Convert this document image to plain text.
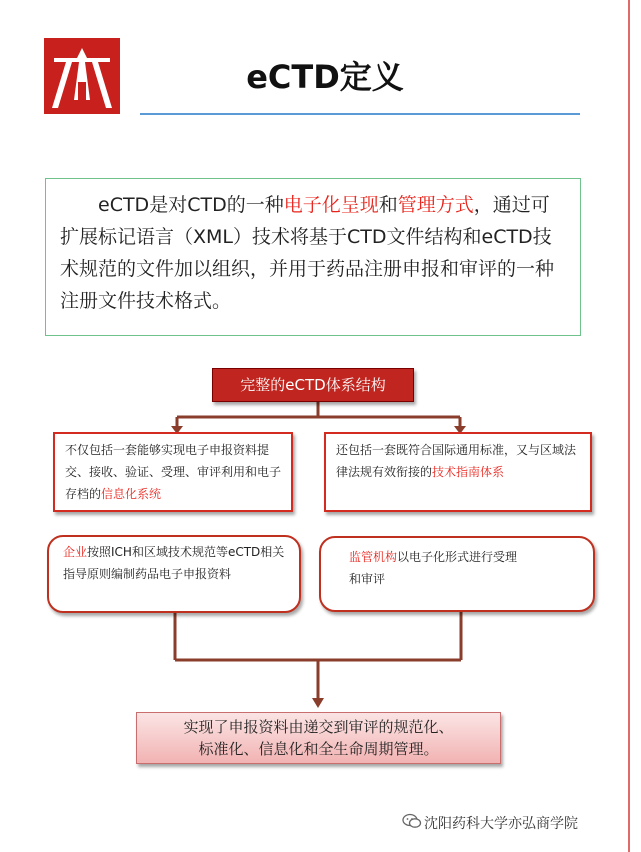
eCTD定义
eCTD是对CTD的一种电子化呈现和管理方式，通过可扩展标记语言（XML）技术将基于CTD文件结构和eCTD技术规范的文件加以组织，并用于药品注册申报和审评的一种注册文件技术格式。
完整的eCTD体系结构
不仅包括一套能够实现电子申报资料提交、接收、验证、受理、审评利用和电子存档的信息化系统
还包括一套既符合国际通用标准，又与区域法律法规有效衔接的技术指南体系
企业按照ICH和区域技术规范等eCTD相关指导原则编制药品电子申报资料
监管机构以电子化形式进行受理
和审评
实现了申报资料由递交到审评的规范化、
标准化、信息化和全生命周期管理。
沈阳药科大学亦弘商学院
